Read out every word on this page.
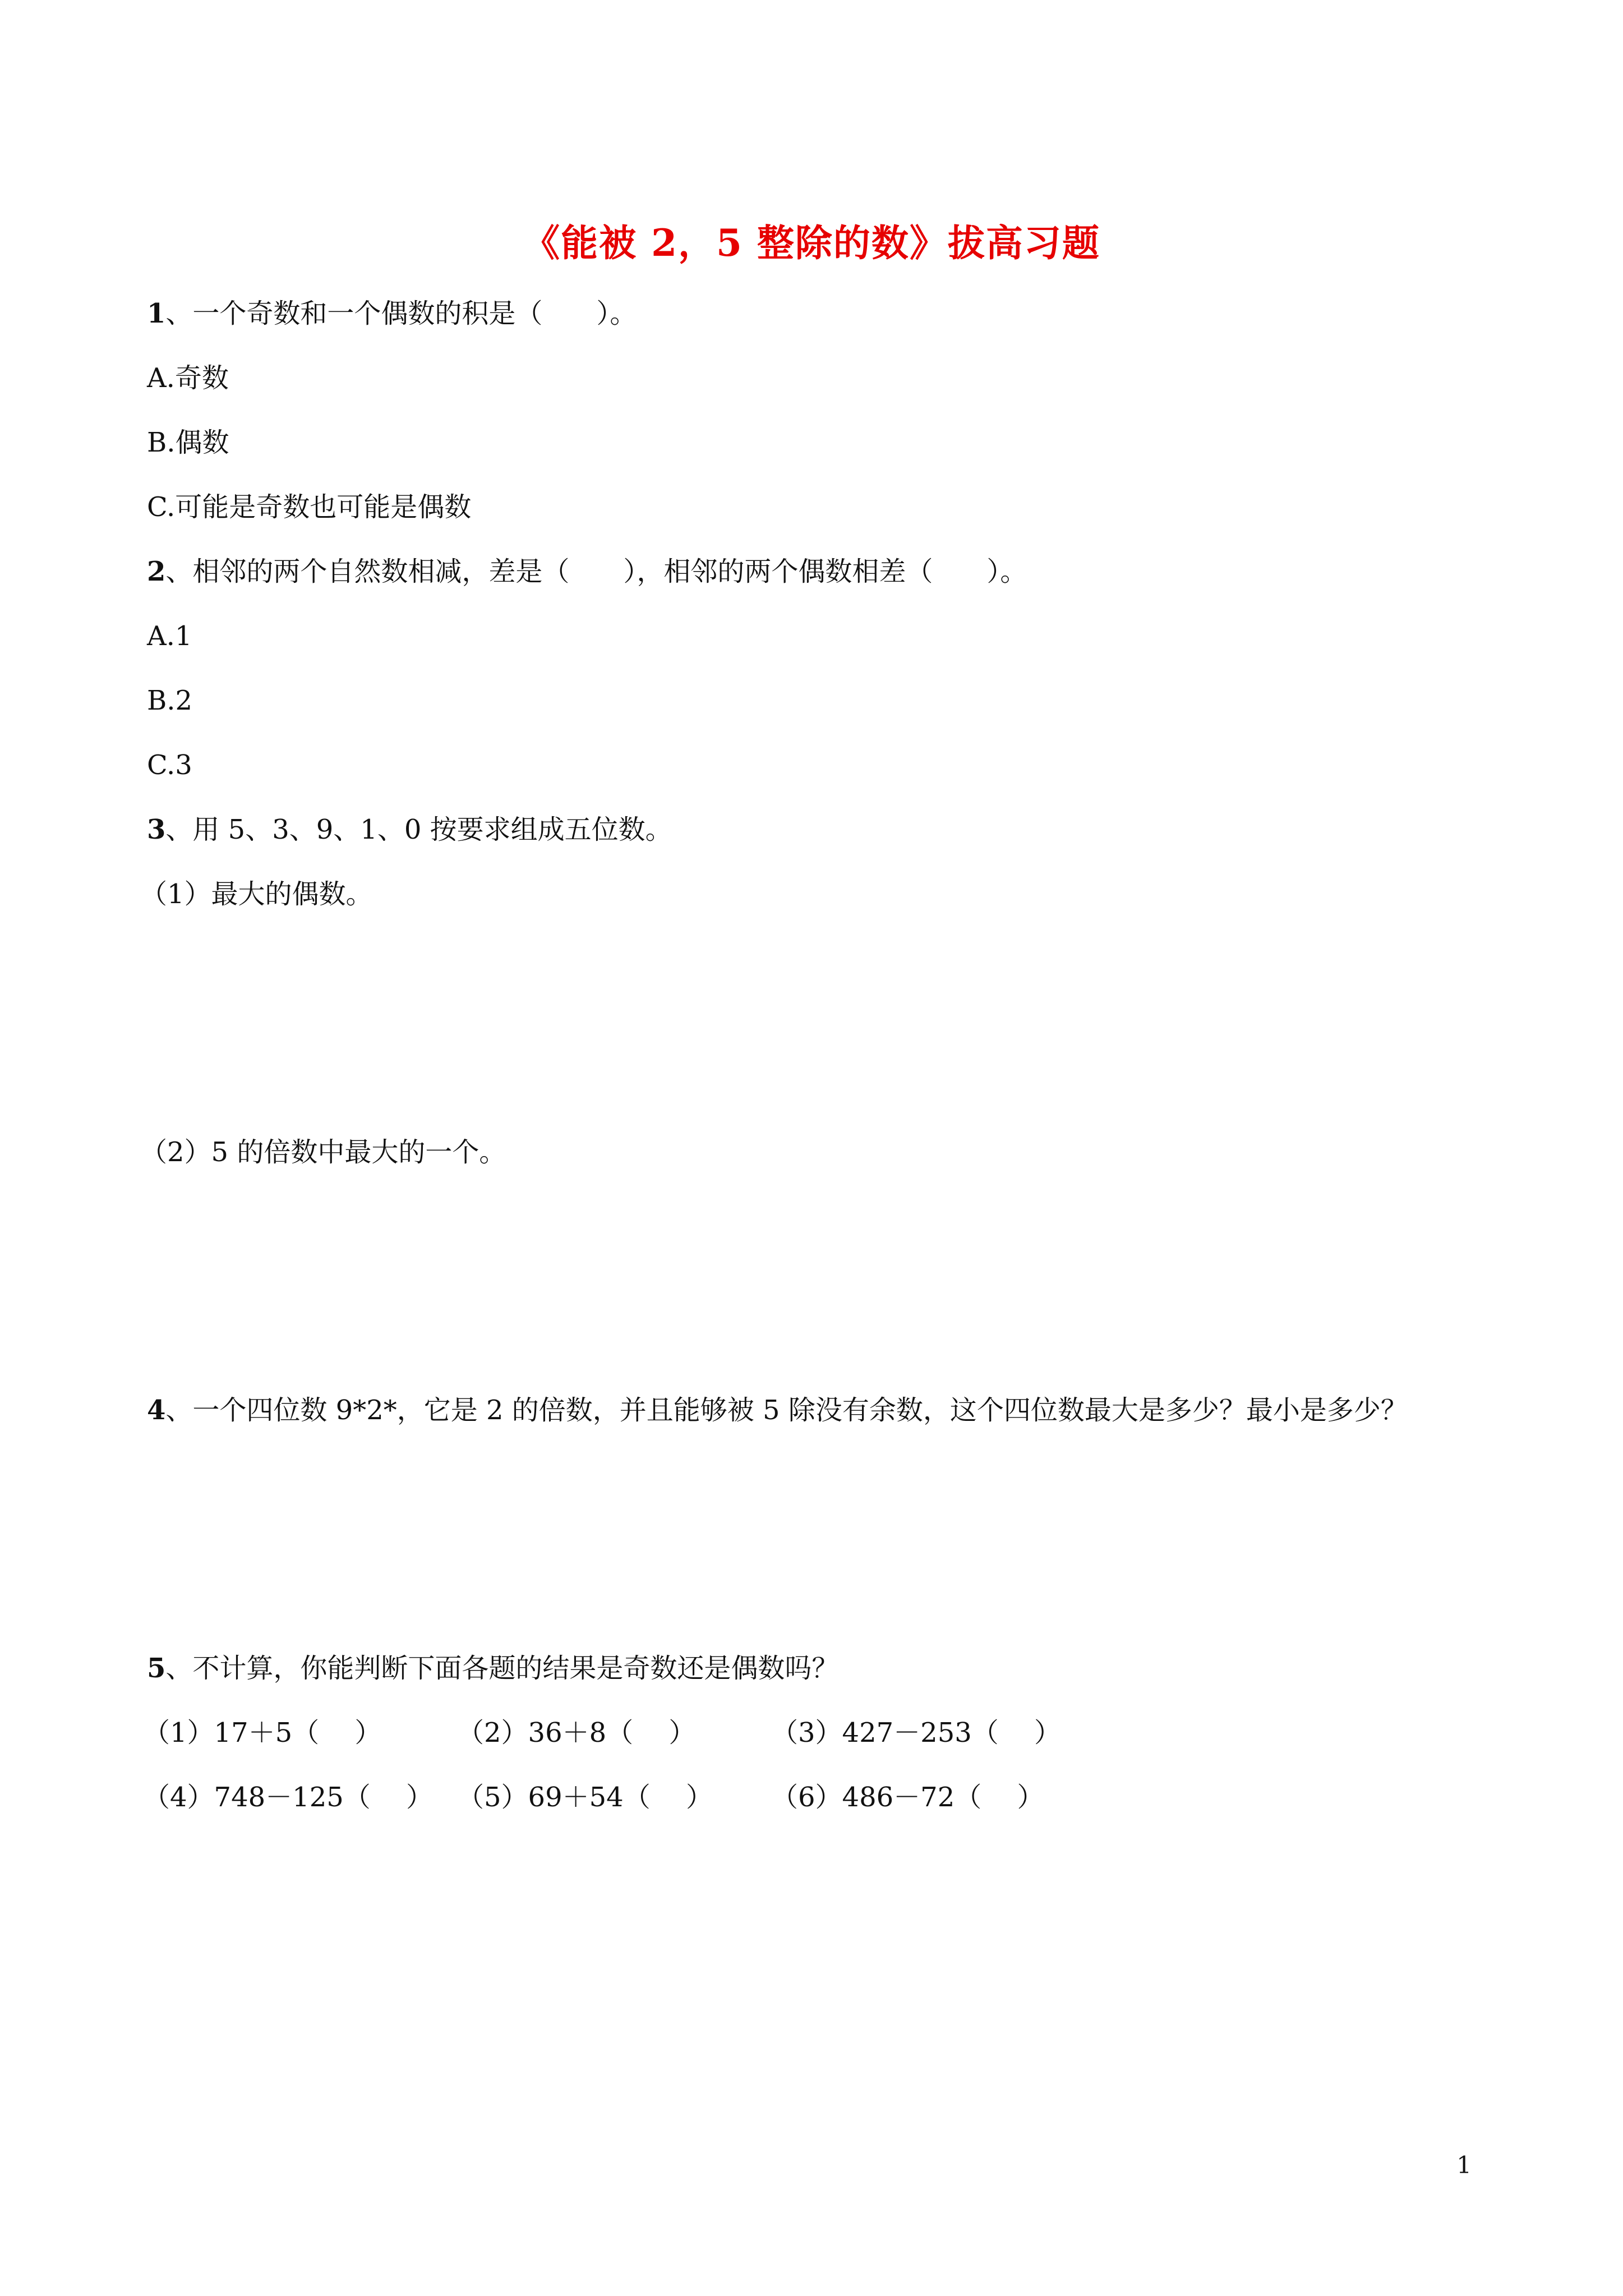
《能被 2，5 整除的数》拔高习题
1、一个奇数和一个偶数的积是（　　）。
A.奇数
B.偶数
C.可能是奇数也可能是偶数
2、相邻的两个自然数相减，差是（　　），相邻的两个偶数相差（　　）。
A.1
B.2
C.3
3、用 5、3、9、1、0 按要求组成五位数。
（1）最大的偶数。
（2）5 的倍数中最大的一个。
4、一个四位数 9*2*，它是 2 的倍数，并且能够被 5 除没有余数，这个四位数最大是多少？最小是多少？
5、不计算，你能判断下面各题的结果是奇数还是偶数吗？
（1）17＋5（　 ）	（2）36＋8（　 ）	（3）427－253（　 ）
（4）748－125（　 ） （5）69＋54（　 ） （6）486－72（　 ）
1
